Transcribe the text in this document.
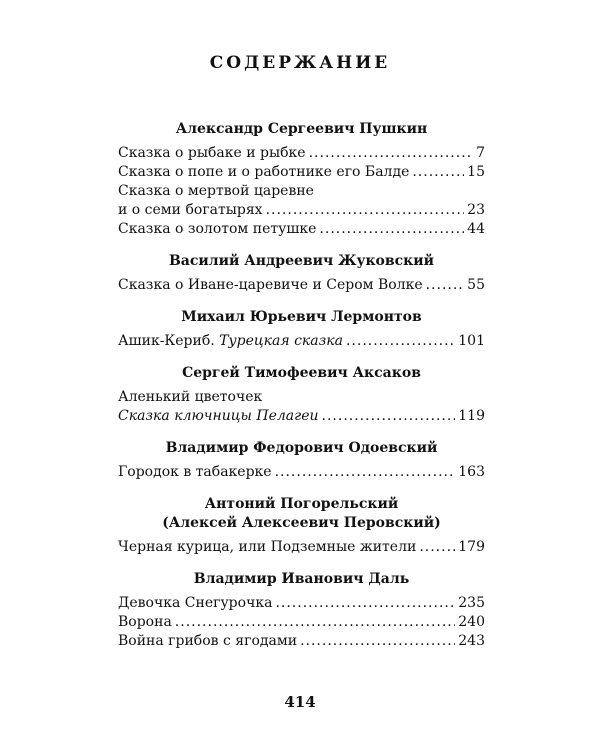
СОДЕРЖАНИЕ
Александр Сергеевич Пушкин
Сказка о рыбаке и рыбке .....	7
Сказка о попе и о работнике его Балде .....	15
Сказка о мертвой царевне
и о семи богатырях .....	23
Сказка о золотом петушке .....	44
Василий Андреевич Жуковский
Сказка о Иване-царевиче и Сером Волке .....	55
Михаил Юрьевич Лермонтов
Ашик-Кериб. Турецкая сказка .....	101
Сергей Тимофеевич Аксаков
Аленький цветочек
Сказка ключницы Пелагеи .....	119
Владимир Федорович Одоевский
Городок в табакерке .....	163
Антоний Погорельский
(Алексей Алексеевич Перовский)
Черная курица, или Подземные жители .....	179
Владимир Иванович Даль
Девочка Снегурочка .....	235
Ворона .....	240
Война грибов с ягодами .....	243
414
